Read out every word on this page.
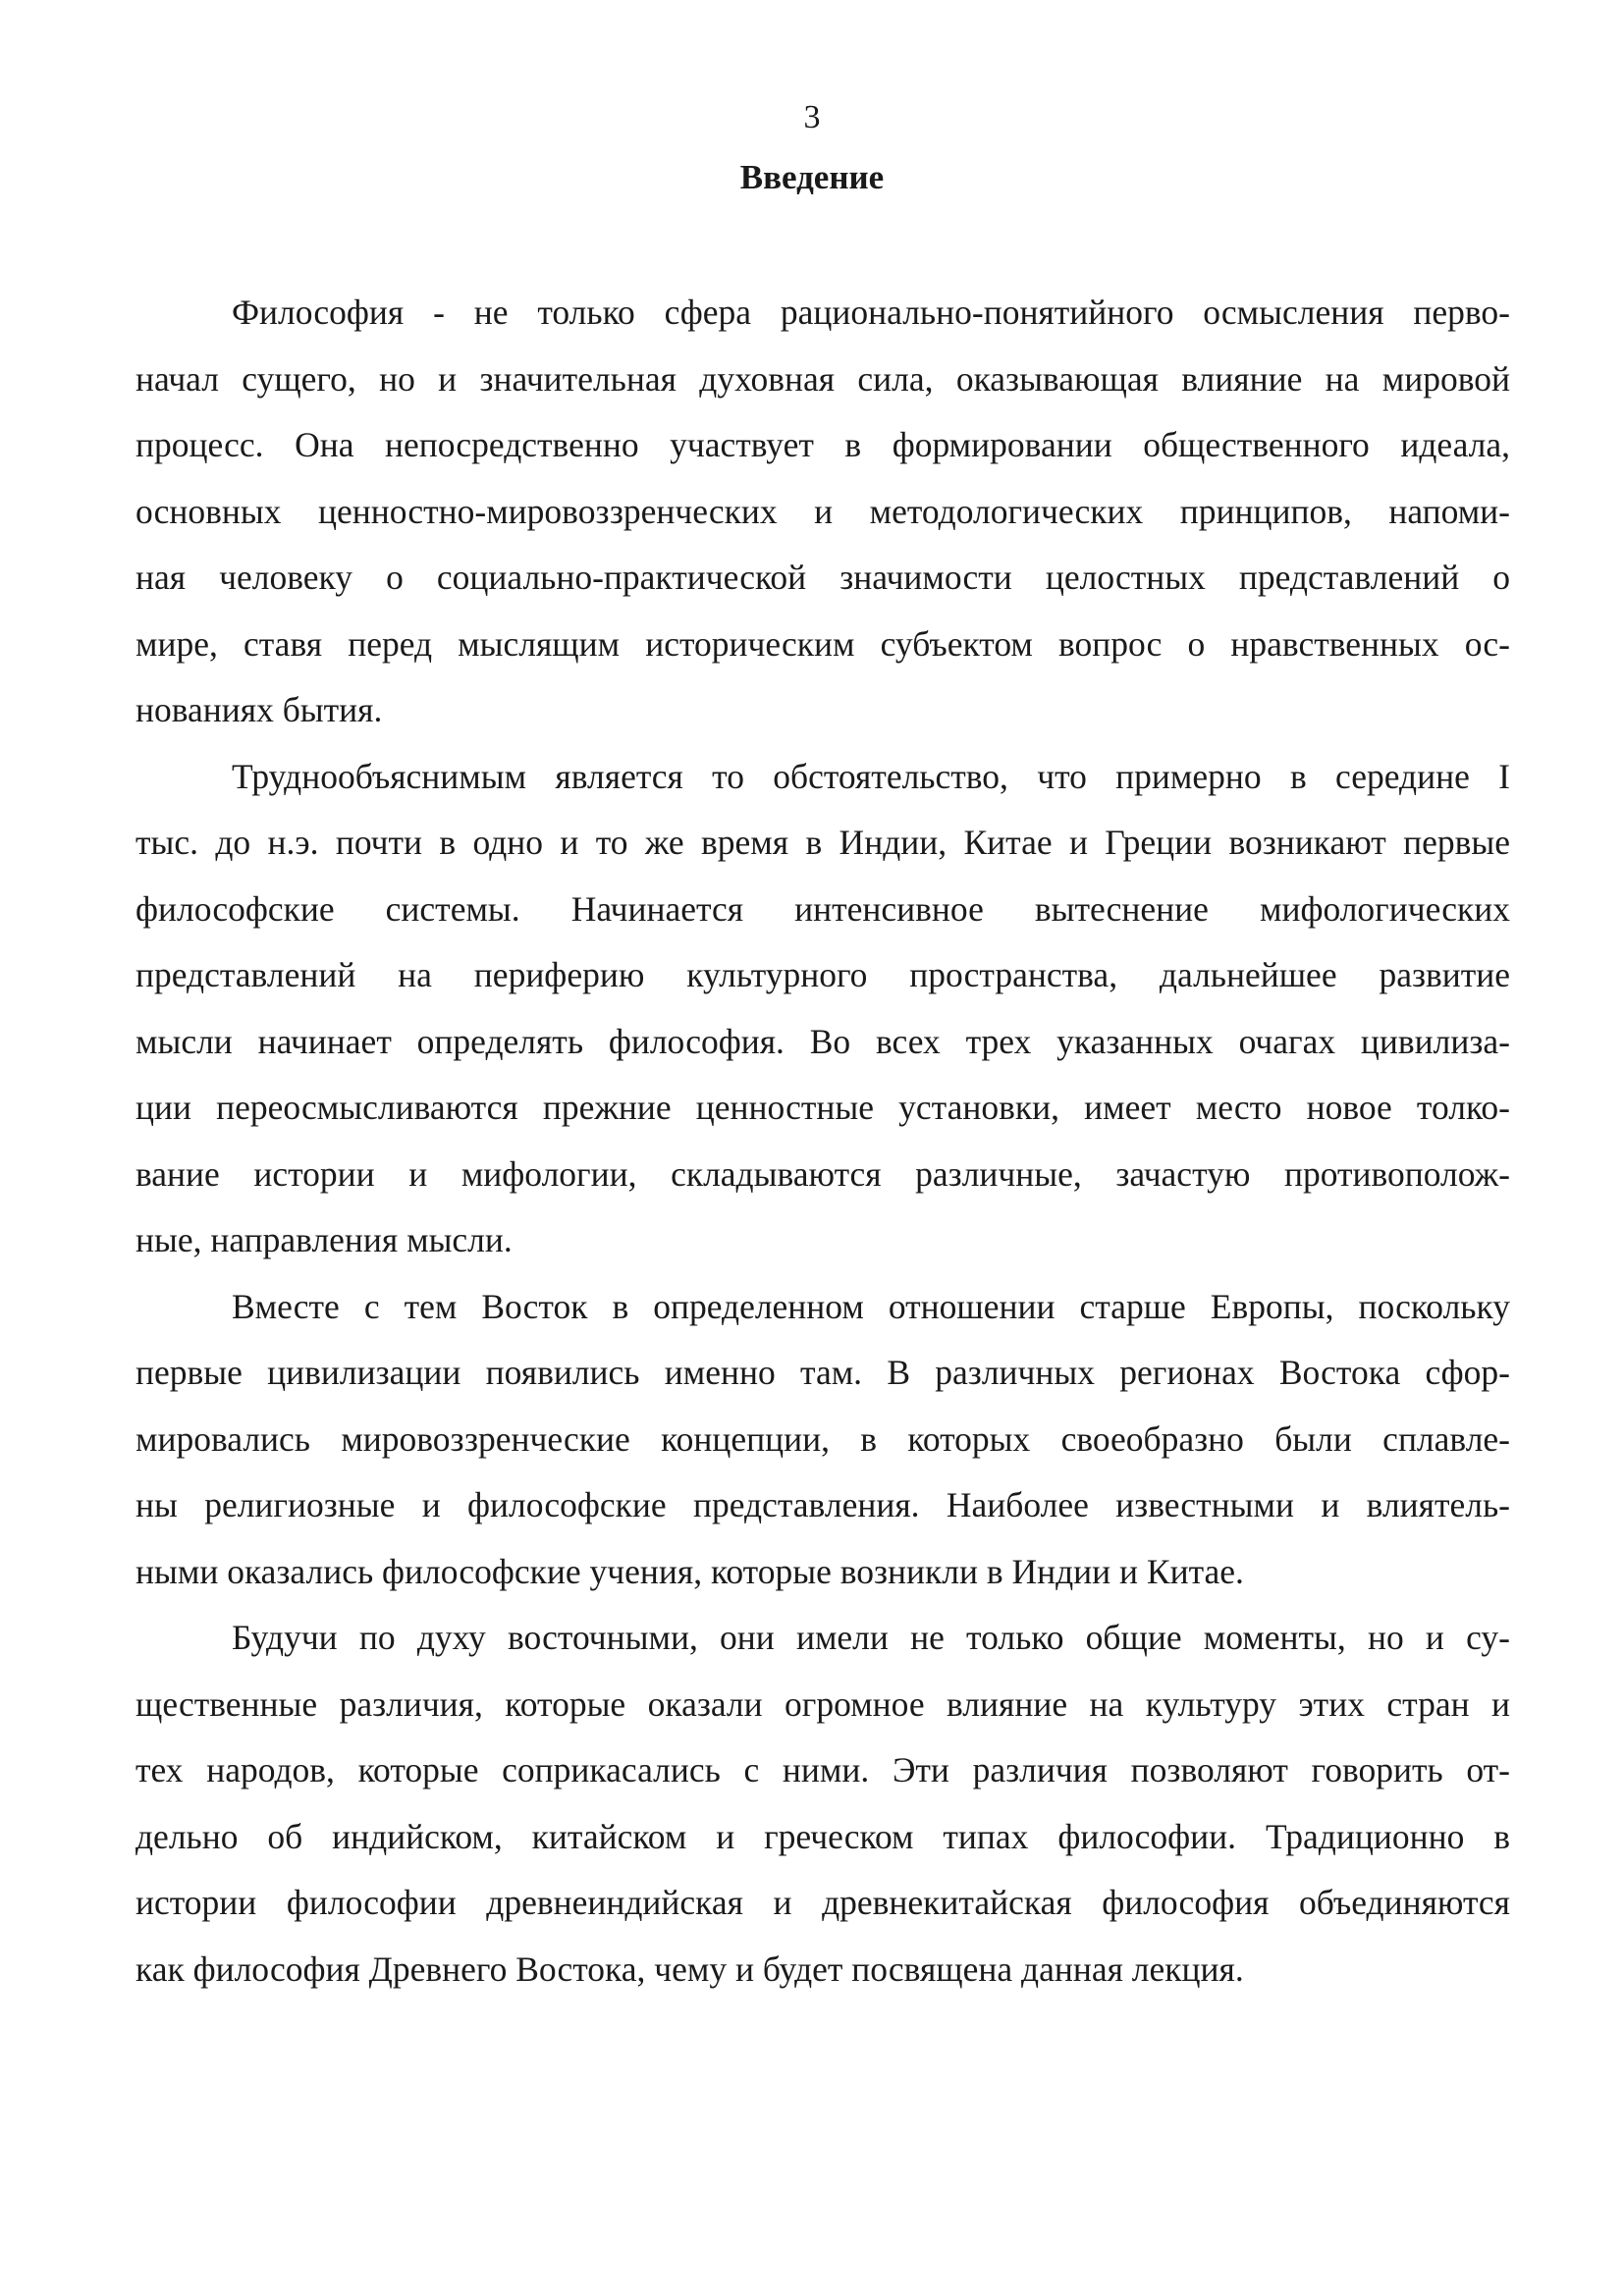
3
Введение
Философия - не только сфера рационально-понятийного осмысления перво-
начал сущего, но и значительная духовная сила, оказывающая влияние на мировой
процесс. Она непосредственно участвует в формировании общественного идеала,
основных ценностно-мировоззренческих и методологических принципов, напоми-
ная человеку о социально-практической значимости целостных представлений о
мире, ставя перед мыслящим историческим субъектом вопрос о нравственных ос-
нованиях бытия.
Труднообъяснимым является то обстоятельство, что примерно в середине I
тыс. до н.э. почти в одно и то же время в Индии, Китае и Греции возникают первые
философские системы. Начинается интенсивное вытеснение мифологических
представлений на периферию культурного пространства, дальнейшее развитие
мысли начинает определять философия. Во всех трех указанных очагах цивилиза-
ции переосмысливаются прежние ценностные установки, имеет место новое толко-
вание истории и мифологии, складываются различные, зачастую противополож-
ные, направления мысли.
Вместе с тем Восток в определенном отношении старше Европы, поскольку
первые цивилизации появились именно там. В различных регионах Востока сфор-
мировались мировоззренческие концепции, в которых своеобразно были сплавле-
ны религиозные и философские представления. Наиболее известными и влиятель-
ными оказались философские учения, которые возникли в Индии и Китае.
Будучи по духу восточными, они имели не только общие моменты, но и су-
щественные различия, которые оказали огромное влияние на культуру этих стран и
тех народов, которые соприкасались с ними. Эти различия позволяют говорить от-
дельно об индийском, китайском и греческом типах философии. Традиционно в
истории философии древнеиндийская и древнекитайская философия объединяются
как философия Древнего Востока, чему и будет посвящена данная лекция.
